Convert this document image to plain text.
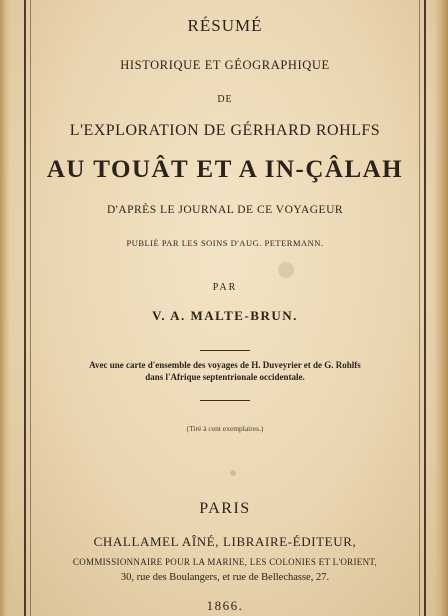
RÉSUMÉ
HISTORIQUE ET GÉOGRAPHIQUE
DE
L'EXPLORATION DE GÉRHARD ROHLFS
AU TOUÂT ET A IN-ÇÂLAH
D'APRÈS LE JOURNAL DE CE VOYAGEUR
PUBLIÉ PAR LES SOINS D'AUG. PETERMANN.
PAR
V. A. MALTE-BRUN.
Avec une carte d'ensemble des voyages de H. Duveyrier et de G. Rohlfs
dans l'Afrique septentrionale occidentale.
(Tiré à cent exemplaires.)
PARIS
CHALLAMEL AÎNÉ, LIBRAIRE-ÉDITEUR,
COMMISSIONNAIRE POUR LA MARINE, LES COLONIES ET L'ORIENT,
30, rue des Boulangers, et rue de Bellechasse, 27.
1866.
